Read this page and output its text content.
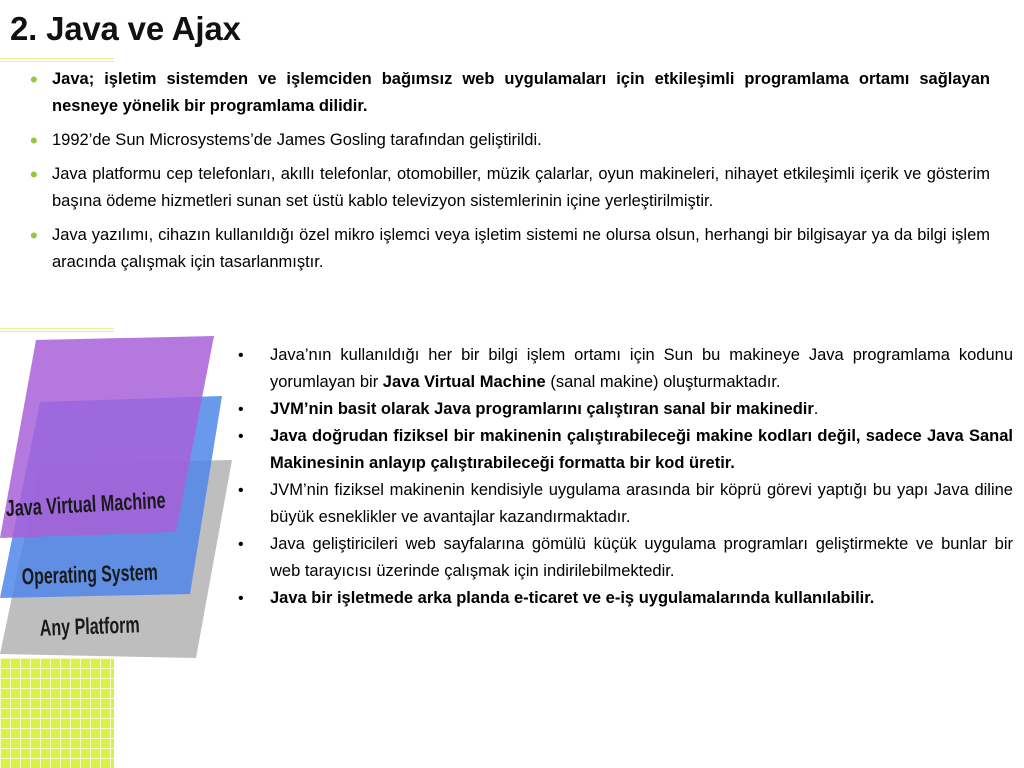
2. Java ve Ajax
• Java; işletim sistemden ve işlemciden bağımsız web uygulamaları için etkileşimli programlama ortamı sağlayan nesneye yönelik bir programlama dilidir.
• 1992’de Sun Microsystems’de James Gosling tarafından geliştirildi.
• Java platformu cep telefonları, akıllı telefonlar, otomobiller, müzik çalarlar, oyun makineleri, nihayet etkileşimli içerik ve gösterim başına ödeme hizmetleri sunan set üstü kablo televizyon sistemlerinin içine yerleştirilmiştir.
• Java yazılımı, cihazın kullanıldığı özel mikro işlemci veya işletim sistemi ne olursa olsun, herhangi bir bilgisayar ya da bilgi işlem aracında çalışmak için tasarlanmıştır.
Java Virtual Machine
Operating System
Any Platform
• Java’nın kullanıldığı her bir bilgi işlem ortamı için Sun bu makineye Java programlama kodunu yorumlayan bir Java Virtual Machine (sanal makine) oluşturmaktadır.
• JVM’nin basit olarak Java programlarını çalıştıran sanal bir makinedir.
• Java doğrudan fiziksel bir makinenin çalıştırabileceği makine kodları değil, sadece Java Sanal Makinesinin anlayıp çalıştırabileceği formatta bir kod üretir.
• JVM’nin fiziksel makinenin kendisiyle uygulama arasında bir köprü görevi yaptığı bu yapı Java diline büyük esneklikler ve avantajlar kazandırmaktadır.
• Java geliştiricileri web sayfalarına gömülü küçük uygulama programları geliştirmekte ve bunlar bir web tarayıcısı üzerinde çalışmak için indirilebilmektedir.
• Java bir işletmede arka planda e-ticaret ve e-iş uygulamalarında kullanılabilir.
